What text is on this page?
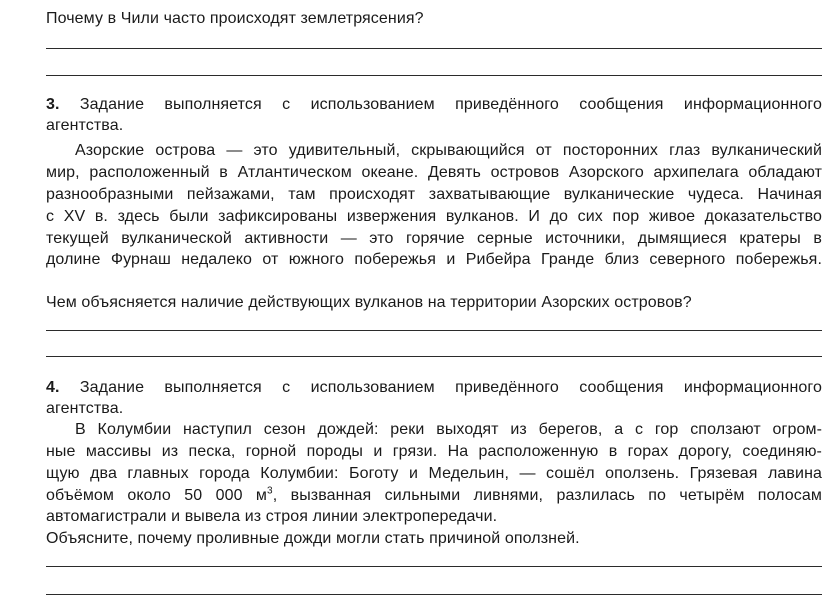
Почему в Чили часто происходят землетрясения?
3. Задание выполняется с использованием приведённого сообщения информационного
агентства.
Азорские острова — это удивительный, скрывающийся от посторонних глаз вулканический
мир, расположенный в Атлантическом океане. Девять островов Азорского архипелага обладают
разнообразными пейзажами, там происходят захватывающие вулканические чудеса. Начиная
с XV в. здесь были зафиксированы извержения вулканов. И до сих пор живое доказательство
текущей вулканической активности — это горячие серные источники, дымящиеся кратеры в
долине Фурнаш недалеко от южного побережья и Рибейра Гранде близ северного побережья.
Чем объясняется наличие действующих вулканов на территории Азорских островов?
4. Задание выполняется с использованием приведённого сообщения информационного
агентства.
В Колумбии наступил сезон дождей: реки выходят из берегов, а с гор сползают огром-
ные массивы из песка, горной породы и грязи. На расположенную в горах дорогу, соединяю-
щую два главных города Колумбии: Боготу и Медельин, — сошёл оползень. Грязевая лавина
объёмом около 50 000 $м^3$, вызванная сильными ливнями, разлилась по четырём полосам
автомагистрали и вывела из строя линии электропередачи.
Объясните, почему проливные дожди могли стать причиной оползней.
